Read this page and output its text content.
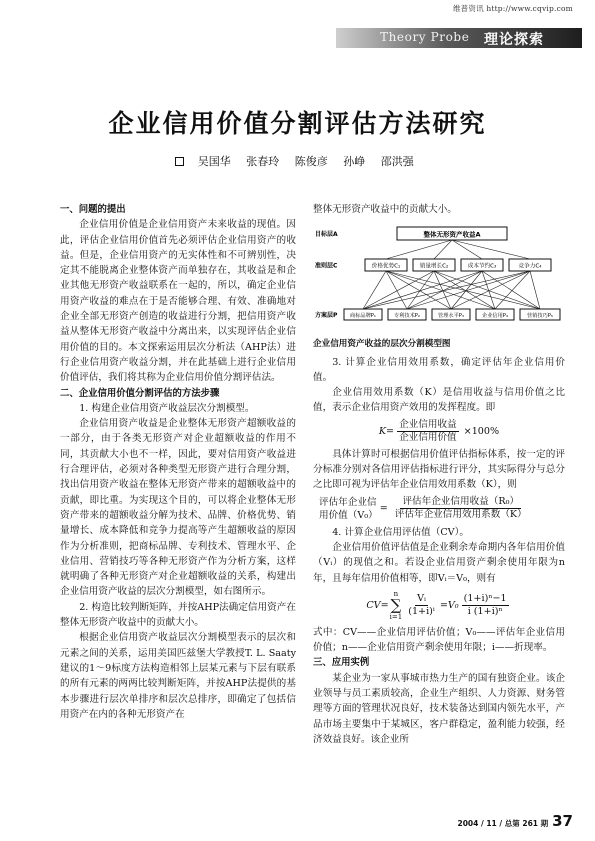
维普资讯 http://www.cqvip.com
Theory Probe 理论探索
企业信用价值分割评估方法研究
吴国华 张春玲 陈俊彦 孙峥 邵洪强

一、问题的提出

企业信用价值是企业信用资产未来收益的现值。因此，评估企业信用价值首先必须评估企业信用资产的收益。但是，企业信用资产的无实体性和不可辨别性，决定其不能脱离企业整体资产而单独存在，其收益是和企业其他无形资产收益联系在一起的，所以，确定企业信用资产收益的难点在于是否能够合理、有效、准确地对企业全部无形资产创造的收益进行分割，把信用资产收益从整体无形资产收益中分离出来，以实现评估企业信用价值的目的。本文探索运用层次分析法（AHP法）进行企业信用资产收益分割，并在此基础上进行企业信用价值评估，我们将其称为企业信用价值分割评估法。

二、企业信用价值分割评估的方法步骤

1. 构建企业信用资产收益层次分割模型。

企业信用资产收益是企业整体无形资产超额收益的一部分，由于各类无形资产对企业超额收益的作用不同，其贡献大小也不一样，因此，要对信用资产收益进行合理评估，必须对各种类型无形资产进行合理分割，找出信用资产收益在整体无形资产带来的超额收益中的贡献，即比重。为实现这个目的，可以将企业整体无形资产带来的超额收益分解为技术、品牌、价格优势、销量增长、成本降低和竞争力提高等产生超额收益的原因作为分析准则，把商标品牌、专利技术、管理水平、企业信用、营销技巧等各种无形资产作为分析方案，这样就明确了各种无形资产对企业超额收益的关系，构建出企业信用资产收益的层次分割模型，如右图所示。

2. 构造比较判断矩阵，并按AHP法确定信用资产在整体无形资产收益中的贡献大小。

根据企业信用资产收益层次分割模型表示的层次和元素之间的关系，运用美国匹兹堡大学教授T. L. Saaty建议的1～9标度方法构造相邻上层某元素与下层有联系的所有元素的两两比较判断矩阵，并按AHP法提供的基本步骤进行层次单排序和层次总排序，即确定了包括信用资产在内的各种无形资产在

整体无形资产收益中的贡献大小。

整体无形资产收益A
目标层A
价格优势C₁	销量增长C₂	成本节约C₃	竞争力C₄
准则层C
商标品牌P₁	专利技术P₂	管理水平P₃	企业信用P₄	营销技巧P₅
方案层P

企业信用资产收益的层次分割模型图

3. 计算企业信用效用系数，确定评估年企业信用价值。

企业信用效用系数（K）是信用收益与信用价值之比值，表示企业信用资产效用的发挥程度。即

$K= \frac{\text{企业信用收益}}{\text{企业信用价值}} \times 100\%$

具体计算时可根据信用价值评估指标体系，按一定的评分标准分别对各信用评估指标进行评分，其实际得分与总分之比即可视为评估年企业信用效用系数（K），则

评估年企业信
用价值（V₀）
= $\frac{\text{评估年企业信用收益（R₀）}}{\text{评估年企业信用效用系数（K）}}$

4. 计算企业信用评估值（CV）。

企业信用价值评估值是企业剩余寿命期内各年信用价值（Vᵢ）的现值之和。若设企业信用资产剩余使用年限为n年，且每年信用价值相等，即Vᵢ＝V₀，则有

CV=
n
∑
$i=1 \frac{\text{Vᵢ}}{\text{(1+i)ⁱ}} =V_0 \frac{\text{(1+i)ⁿ−1}}{\text{i (1+i)ⁿ}}$

式中：CV——企业信用评估价值；V₀——评估年企业信用价值；n——企业信用资产剩余使用年限；i——折现率。

三、应用实例

某企业为一家从事城市热力生产的国有独资企业。该企业领导与员工素质较高，企业生产组织、人力资源、财务管理等方面的管理状况良好，技术装备达到国内领先水平，产品市场主要集中于某城区，客户群稳定，盈利能力较强，经济效益良好。该企业所

2004 / 11 / 总第 261 期 37
